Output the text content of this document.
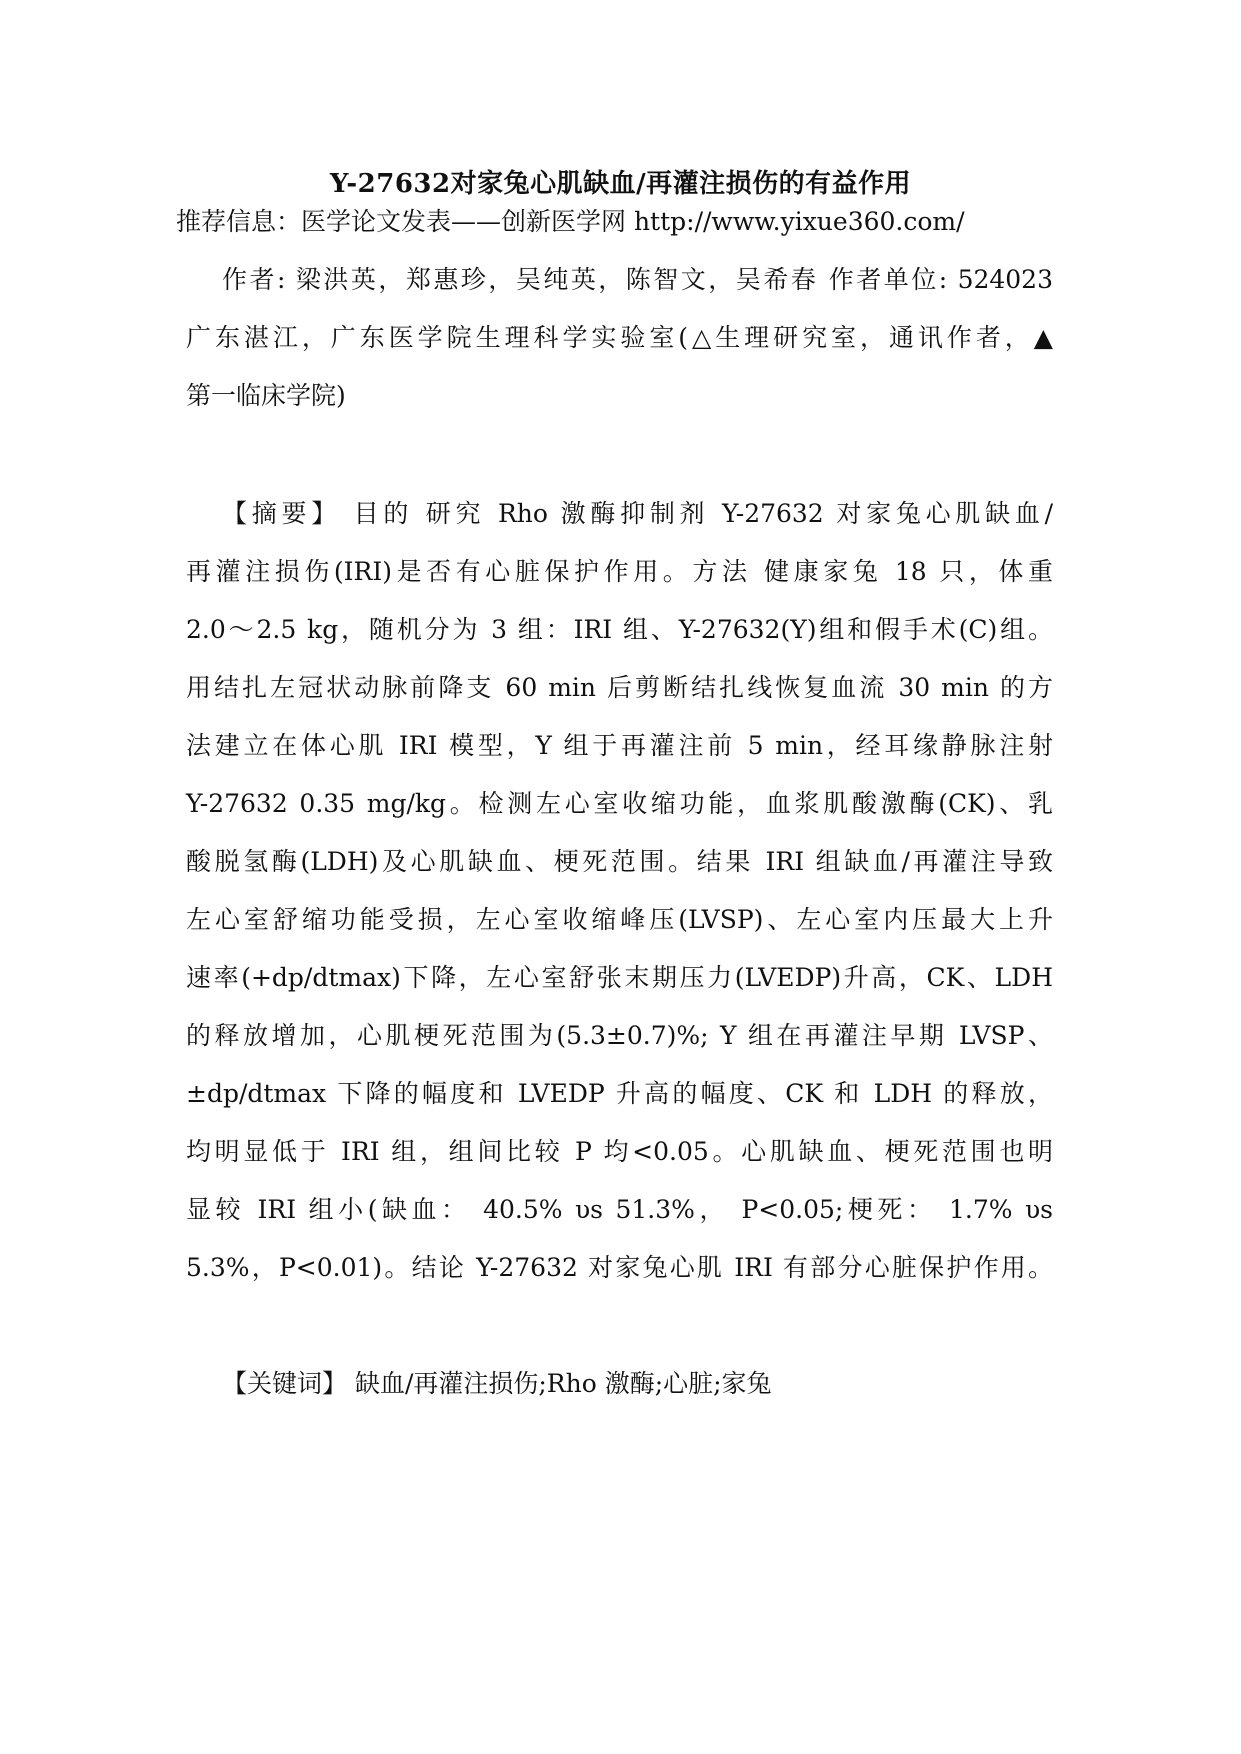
Y-27632对家兔心肌缺血/再灌注损伤的有益作用
推荐信息：医学论文发表——创新医学网 http://www.yixue360.com/
作者: 梁洪英，郑惠珍，吴纯英，陈智文，吴希春 作者单位: 524023
广东湛江，广东医学院生理科学实验室(△生理研究室，通讯作者，▲
第一临床学院)
【摘要】 目的 研究 Rho 激酶抑制剂 Y-27632 对家兔心肌缺血/
再灌注损伤(IRI)是否有心脏保护作用。方法 健康家兔 18 只，体重
2.0～2.5 kg，随机分为 3 组：IRI 组、Y-27632(Y)组和假手术(C)组。
用结扎左冠状动脉前降支 60 min 后剪断结扎线恢复血流 30 min 的方
法建立在体心肌 IRI 模型，Y 组于再灌注前 5 min，经耳缘静脉注射
Y-27632 0.35 mg/kg。检测左心室收缩功能，血浆肌酸激酶(CK)、乳
酸脱氢酶(LDH)及心肌缺血、梗死范围。结果 IRI 组缺血/再灌注导致
左心室舒缩功能受损，左心室收缩峰压(LVSP)、左心室内压最大上升
速率(+dp/dtmax)下降，左心室舒张末期压力(LVEDP)升高，CK、LDH
的释放增加，心肌梗死范围为(5.3±0.7)%; Y 组在再灌注早期 LVSP、
±dp/dtmax 下降的幅度和 LVEDP 升高的幅度、CK 和 LDH 的释放，
均明显低于 IRI 组，组间比较 P 均<0.05。心肌缺血、梗死范围也明
显较 IRI 组小(缺血： 40.5% υs 51.3%， P<0.05;梗死： 1.7% υs
5.3%，P<0.01)。结论 Y-27632 对家兔心肌 IRI 有部分心脏保护作用。
【关键词】 缺血/再灌注损伤;Rho 激酶;心脏;家兔
